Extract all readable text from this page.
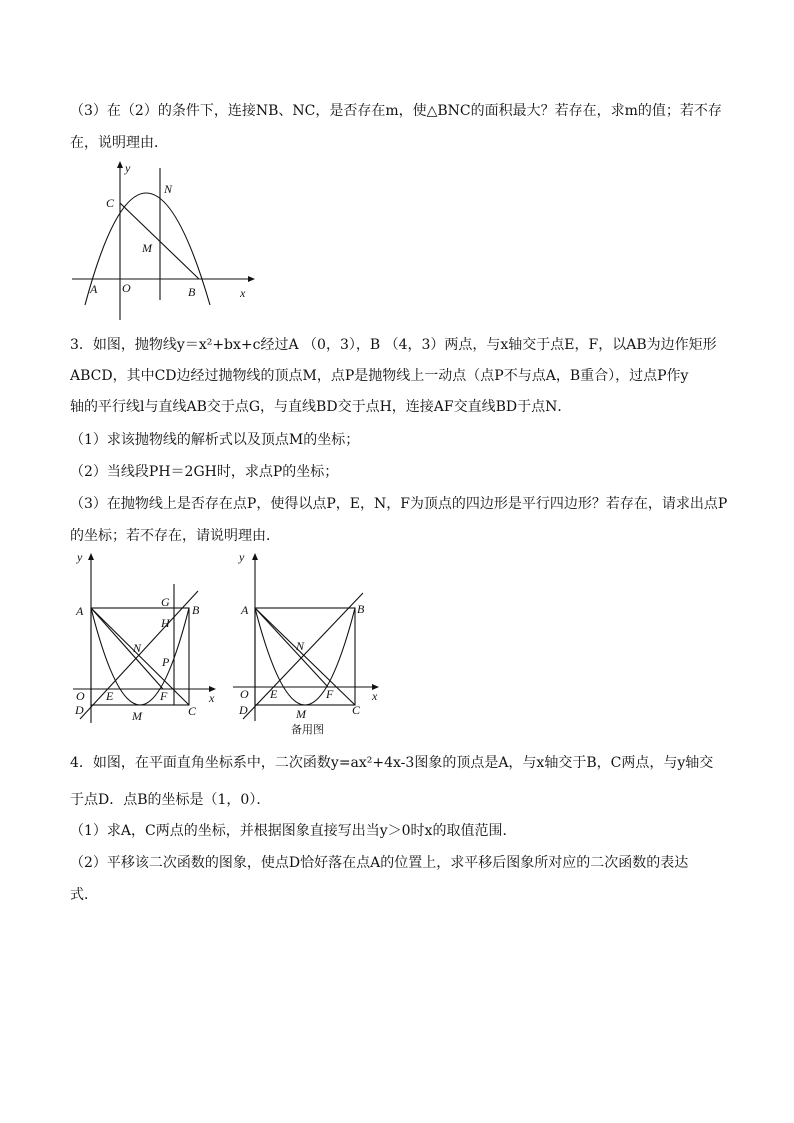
（3）在（2）的条件下，连接NB、NC，是否存在m，使△BNC的面积最大？若存在，求m的值；若不存
在，说明理由．
y
x
C
N
M
A O	B
3．如图，抛物线y＝x²+bx+c经过A （0，3），B （4，3）两点，与x轴交于点E，F，以AB为边作矩形
ABCD，其中CD边经过抛物线的顶点M，点P是抛物线上一动点（点P不与点A，B重合），过点P作y
轴的平行线l与直线AB交于点G，与直线BD交于点H，连接AF交直线BD于点N．
（1）求该抛物线的解析式以及顶点M的坐标；
（2）当线段PH＝2GH时，求点P的坐标；
（3）在抛物线上是否存在点P，使得以点P，E，N，F为顶点的四边形是平行四边形？若存在，请求出点P
的坐标；若不存在，请说明理由．
y
x
A
G
B
H
N
P
O E	F
D	M	C
y
x
A	B
N
O E	F
D	M	C
备用图
4．如图，在平面直角坐标系中，二次函数y=ax²+4x-3图象的顶点是A，与x轴交于B，C两点，与y轴交
于点D．点B的坐标是（1，0）．
（1）求A，C两点的坐标，并根据图象直接写出当y＞0时x的取值范围．
（2）平移该二次函数的图象，使点D恰好落在点A的位置上，求平移后图象所对应的二次函数的表达
式．
